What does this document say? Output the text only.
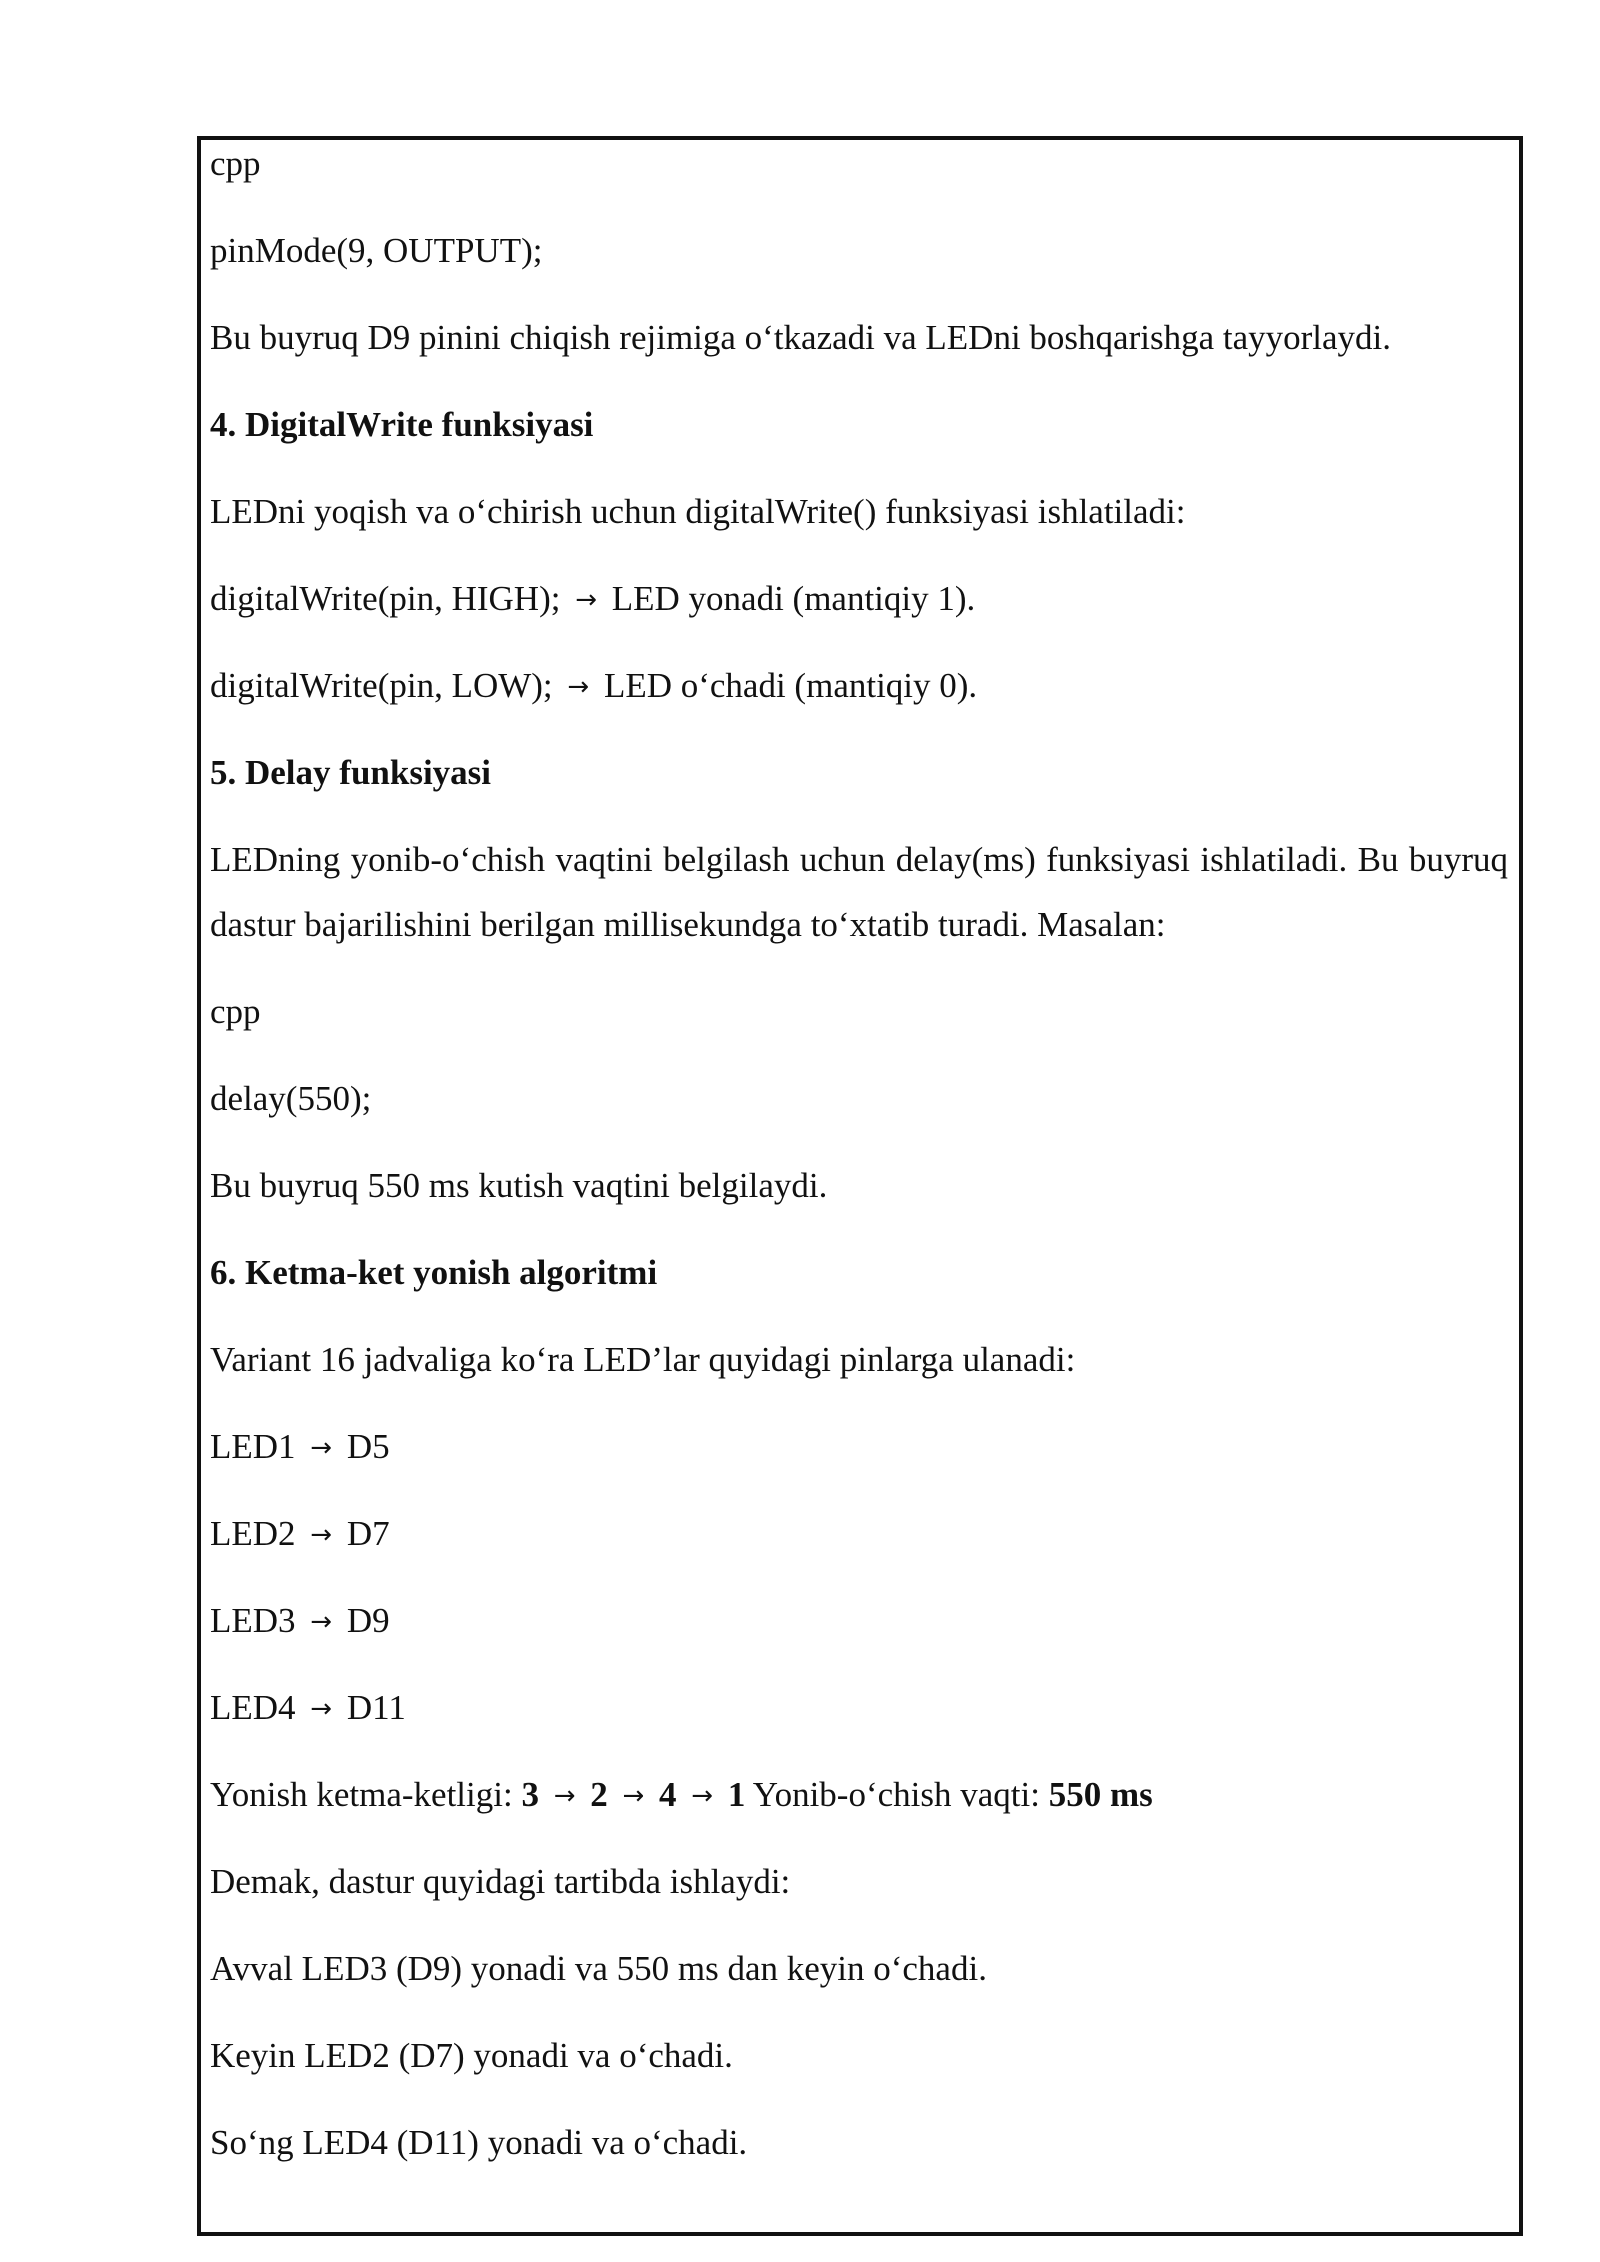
cpp
pinMode(9, OUTPUT);
Bu buyruq D9 pinini chiqish rejimiga o‘tkazadi va LEDni boshqarishga tayyorlaydi.
4. DigitalWrite funksiyasi
LEDni yoqish va o‘chirish uchun digitalWrite() funksiyasi ishlatiladi:
digitalWrite(pin, HIGH); → LED yonadi (mantiqiy 1).
digitalWrite(pin, LOW); → LED o‘chadi (mantiqiy 0).
5. Delay funksiyasi
LEDning yonib-o‘chish vaqtini belgilash uchun delay(ms) funksiyasi ishlatiladi. Bu buyruq dastur bajarilishini berilgan millisekundga to‘xtatib turadi. Masalan:
cpp
delay(550);
Bu buyruq 550 ms kutish vaqtini belgilaydi.
6. Ketma-ket yonish algoritmi
Variant 16 jadvaliga ko‘ra LED’lar quyidagi pinlarga ulanadi:
LED1 → D5
LED2 → D7
LED3 → D9
LED4 → D11
Yonish ketma-ketligi: 3 → 2 → 4 → 1 Yonib-o‘chish vaqti: 550 ms
Demak, dastur quyidagi tartibda ishlaydi:
Avval LED3 (D9) yonadi va 550 ms dan keyin o‘chadi.
Keyin LED2 (D7) yonadi va o‘chadi.
So‘ng LED4 (D11) yonadi va o‘chadi.
